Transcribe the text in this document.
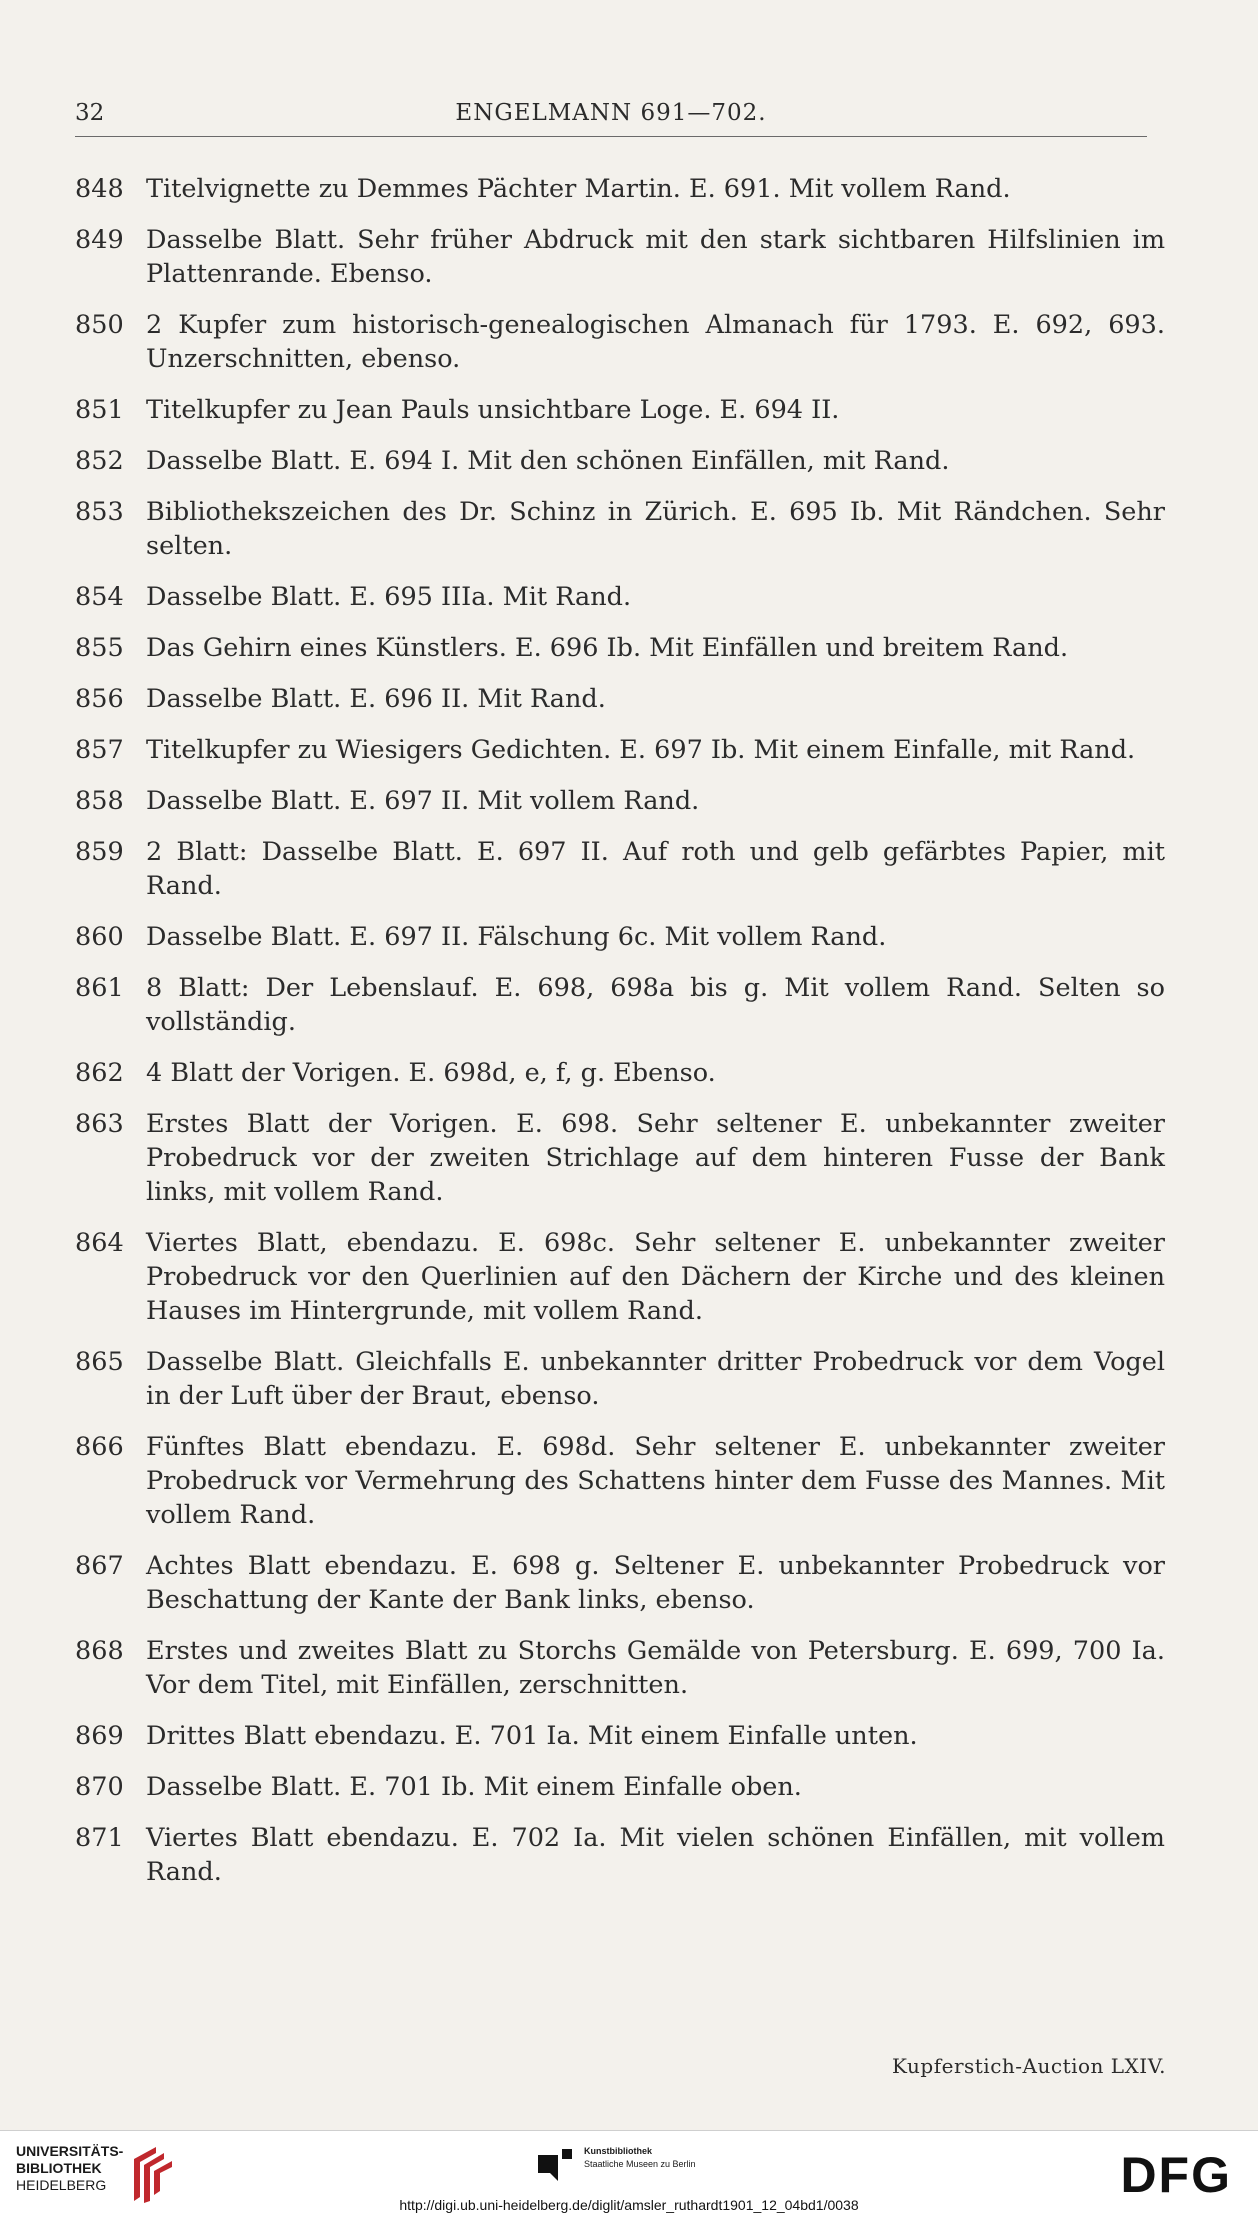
32	ENGELMANN 691—702.
848 Titelvignette zu Demmes Pächter Martin. E. 691. Mit vollem Rand.
849 Dasselbe Blatt. Sehr früher Abdruck mit den stark sichtbaren Hilfslinien im Plattenrande. Ebenso.
850 2 Kupfer zum historisch-genealogischen Almanach für 1793. E. 692, 693. Unzerschnitten, ebenso.
851 Titelkupfer zu Jean Pauls unsichtbare Loge. E. 694 II.
852 Dasselbe Blatt. E. 694 I. Mit den schönen Einfällen, mit Rand.
853 Bibliothekszeichen des Dr. Schinz in Zürich. E. 695 Ib. Mit Rändchen. Sehr selten.
854 Dasselbe Blatt. E. 695 IIIa. Mit Rand.
855 Das Gehirn eines Künstlers. E. 696 Ib. Mit Einfällen und breitem Rand.
856 Dasselbe Blatt. E. 696 II. Mit Rand.
857 Titelkupfer zu Wiesigers Gedichten. E. 697 Ib. Mit einem Einfalle, mit Rand.
858 Dasselbe Blatt. E. 697 II. Mit vollem Rand.
859 2 Blatt: Dasselbe Blatt. E. 697 II. Auf roth und gelb gefärbtes Papier, mit Rand.
860 Dasselbe Blatt. E. 697 II. Fälschung 6c. Mit vollem Rand.
861 8 Blatt: Der Lebenslauf. E. 698, 698a bis g. Mit vollem Rand. Selten so vollständig.
862 4 Blatt der Vorigen. E. 698d, e, f, g. Ebenso.
863 Erstes Blatt der Vorigen. E. 698. Sehr seltener E. unbekannter zweiter Probedruck vor der zweiten Strichlage auf dem hinteren Fusse der Bank links, mit vollem Rand.
864 Viertes Blatt, ebendazu. E. 698c. Sehr seltener E. unbekannter zweiter Probedruck vor den Querlinien auf den Dächern der Kirche und des kleinen Hauses im Hintergrunde, mit vollem Rand.
865 Dasselbe Blatt. Gleichfalls E. unbekannter dritter Probedruck vor dem Vogel in der Luft über der Braut, ebenso.
866 Fünftes Blatt ebendazu. E. 698d. Sehr seltener E. unbekannter zweiter Probedruck vor Vermehrung des Schattens hinter dem Fusse des Mannes. Mit vollem Rand.
867 Achtes Blatt ebendazu. E. 698 g. Seltener E. unbekannter Probedruck vor Beschattung der Kante der Bank links, ebenso.
868 Erstes und zweites Blatt zu Storchs Gemälde von Petersburg. E. 699, 700 Ia. Vor dem Titel, mit Einfällen, zerschnitten.
869 Drittes Blatt ebendazu. E. 701 Ia. Mit einem Einfalle unten.
870 Dasselbe Blatt. E. 701 Ib. Mit einem Einfalle oben.
871 Viertes Blatt ebendazu. E. 702 Ia. Mit vielen schönen Einfällen, mit vollem Rand.
Kupferstich-Auction LXIV.
UNIVERSITÄTS-
BIBLIOTHEK
HEIDELBERG
Kunstbibliothek
Staatliche Museen zu Berlin	DFG
http://digi.ub.uni-heidelberg.de/diglit/amsler_ruthardt1901_12_04bd1/0038
